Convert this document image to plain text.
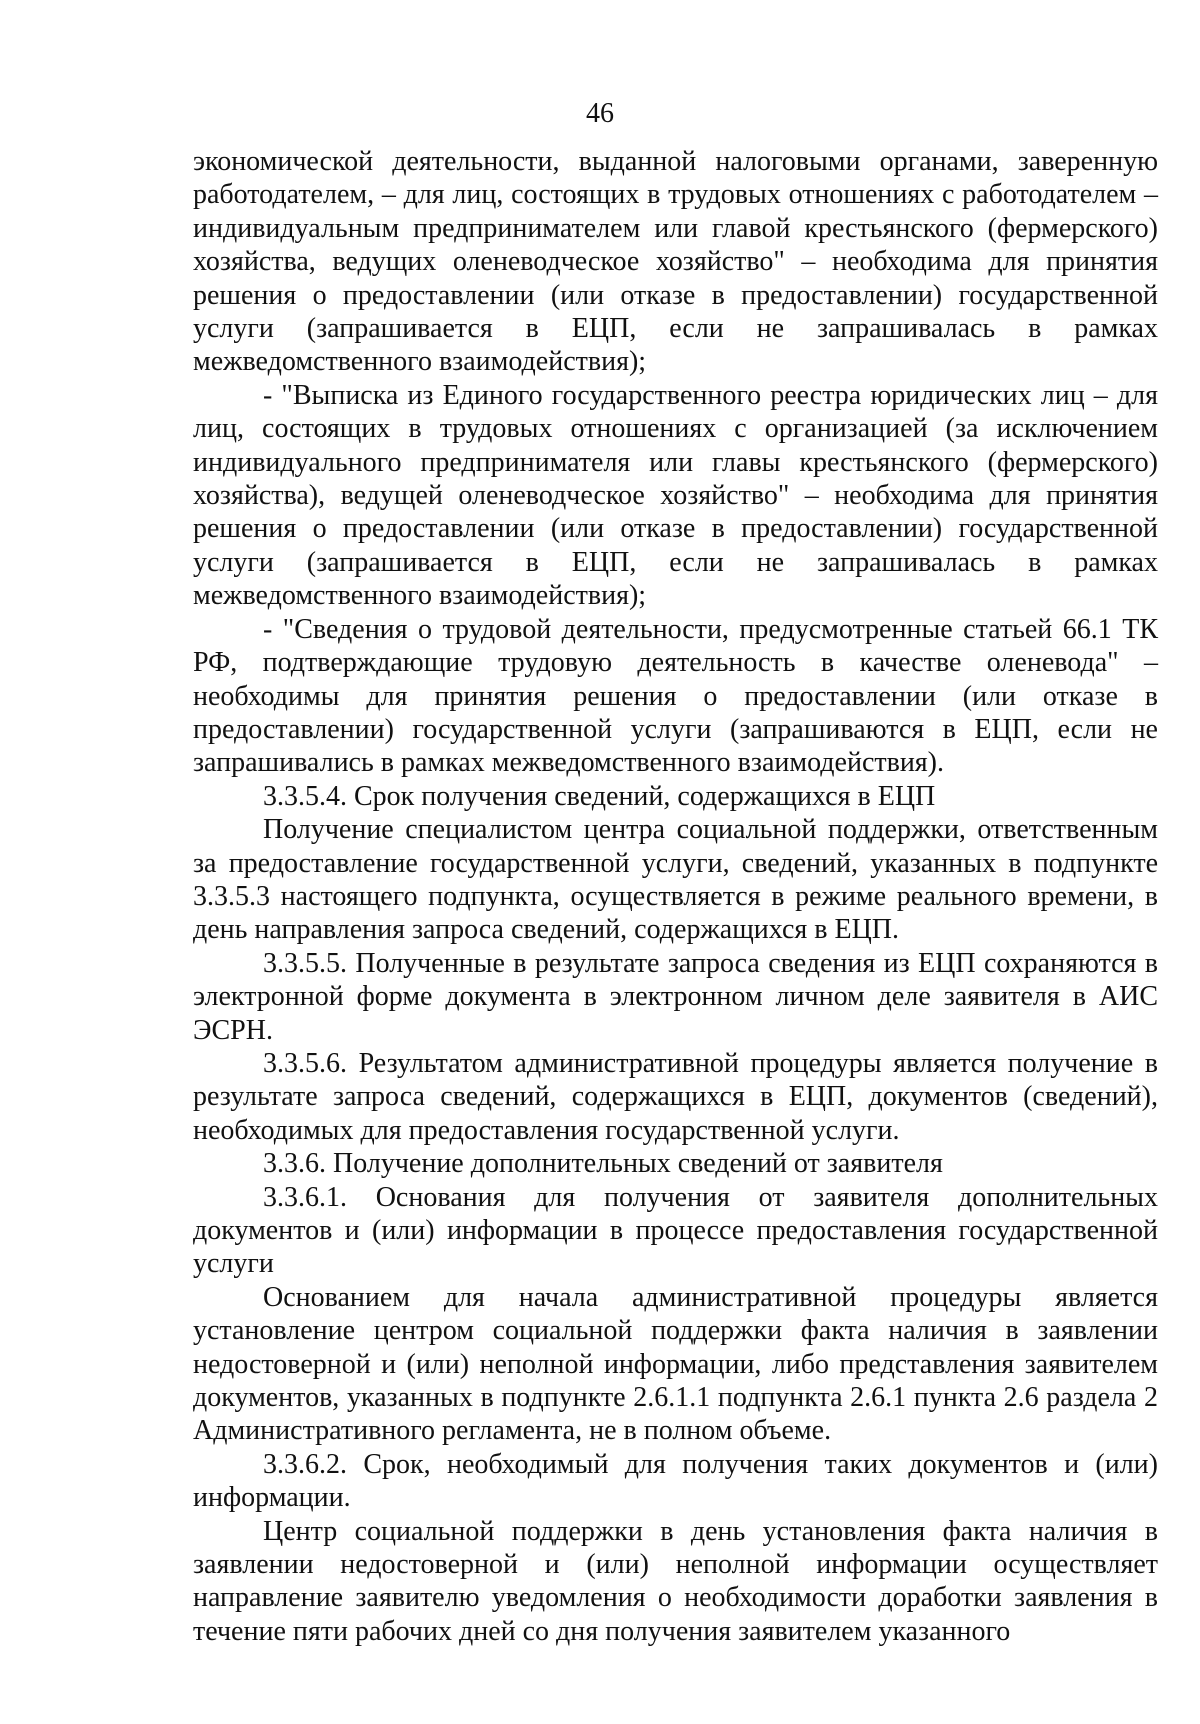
46

экономической деятельности, выданной налоговыми органами, заверенную работодателем, – для лиц, состоящих в трудовых отношениях с работодателем – индивидуальным предпринимателем или главой крестьянского (фермерского) хозяйства, ведущих оленеводческое хозяйство" – необходима для принятия решения о предоставлении (или отказе в предоставлении) государственной услуги (запрашивается в ЕЦП, если не запрашивалась в рамках межведомственного взаимодействия);

- "Выписка из Единого государственного реестра юридических лиц – для лиц, состоящих в трудовых отношениях с организацией (за исключением индивидуального предпринимателя или главы крестьянского (фермерского) хозяйства), ведущей оленеводческое хозяйство" – необходима для принятия решения о предоставлении (или отказе в предоставлении) государственной услуги (запрашивается в ЕЦП, если не запрашивалась в рамках межведомственного взаимодействия);

- "Сведения о трудовой деятельности, предусмотренные статьей 66.1 ТК РФ, подтверждающие трудовую деятельность в качестве оленевода" – необходимы для принятия решения о предоставлении (или отказе в предоставлении) государственной услуги (запрашиваются в ЕЦП, если не запрашивались в рамках межведомственного взаимодействия).

3.3.5.4. Срок получения сведений, содержащихся в ЕЦП

Получение специалистом центра социальной поддержки, ответственным за предоставление государственной услуги, сведений, указанных в подпункте 3.3.5.3 настоящего подпункта, осуществляется в режиме реального времени, в день направления запроса сведений, содержащихся в ЕЦП.

3.3.5.5. Полученные в результате запроса сведения из ЕЦП сохраняются в электронной форме документа в электронном личном деле заявителя в АИС ЭСРН.

3.3.5.6. Результатом административной процедуры является получение в результате запроса сведений, содержащихся в ЕЦП, документов (сведений), необходимых для предоставления государственной услуги.

3.3.6. Получение дополнительных сведений от заявителя

3.3.6.1. Основания для получения от заявителя дополнительных документов и (или) информации в процессе предоставления государственной услуги

Основанием для начала административной процедуры является установление центром социальной поддержки факта наличия в заявлении недостоверной и (или) неполной информации, либо представления заявителем документов, указанных в подпункте 2.6.1.1 подпункта 2.6.1 пункта 2.6 раздела 2 Административного регламента, не в полном объеме.

3.3.6.2. Срок, необходимый для получения таких документов и (или) информации.

Центр социальной поддержки в день установления факта наличия в заявлении недостоверной и (или) неполной информации осуществляет направление заявителю уведомления о необходимости доработки заявления в течение пяти рабочих дней со дня получения заявителем указанного
